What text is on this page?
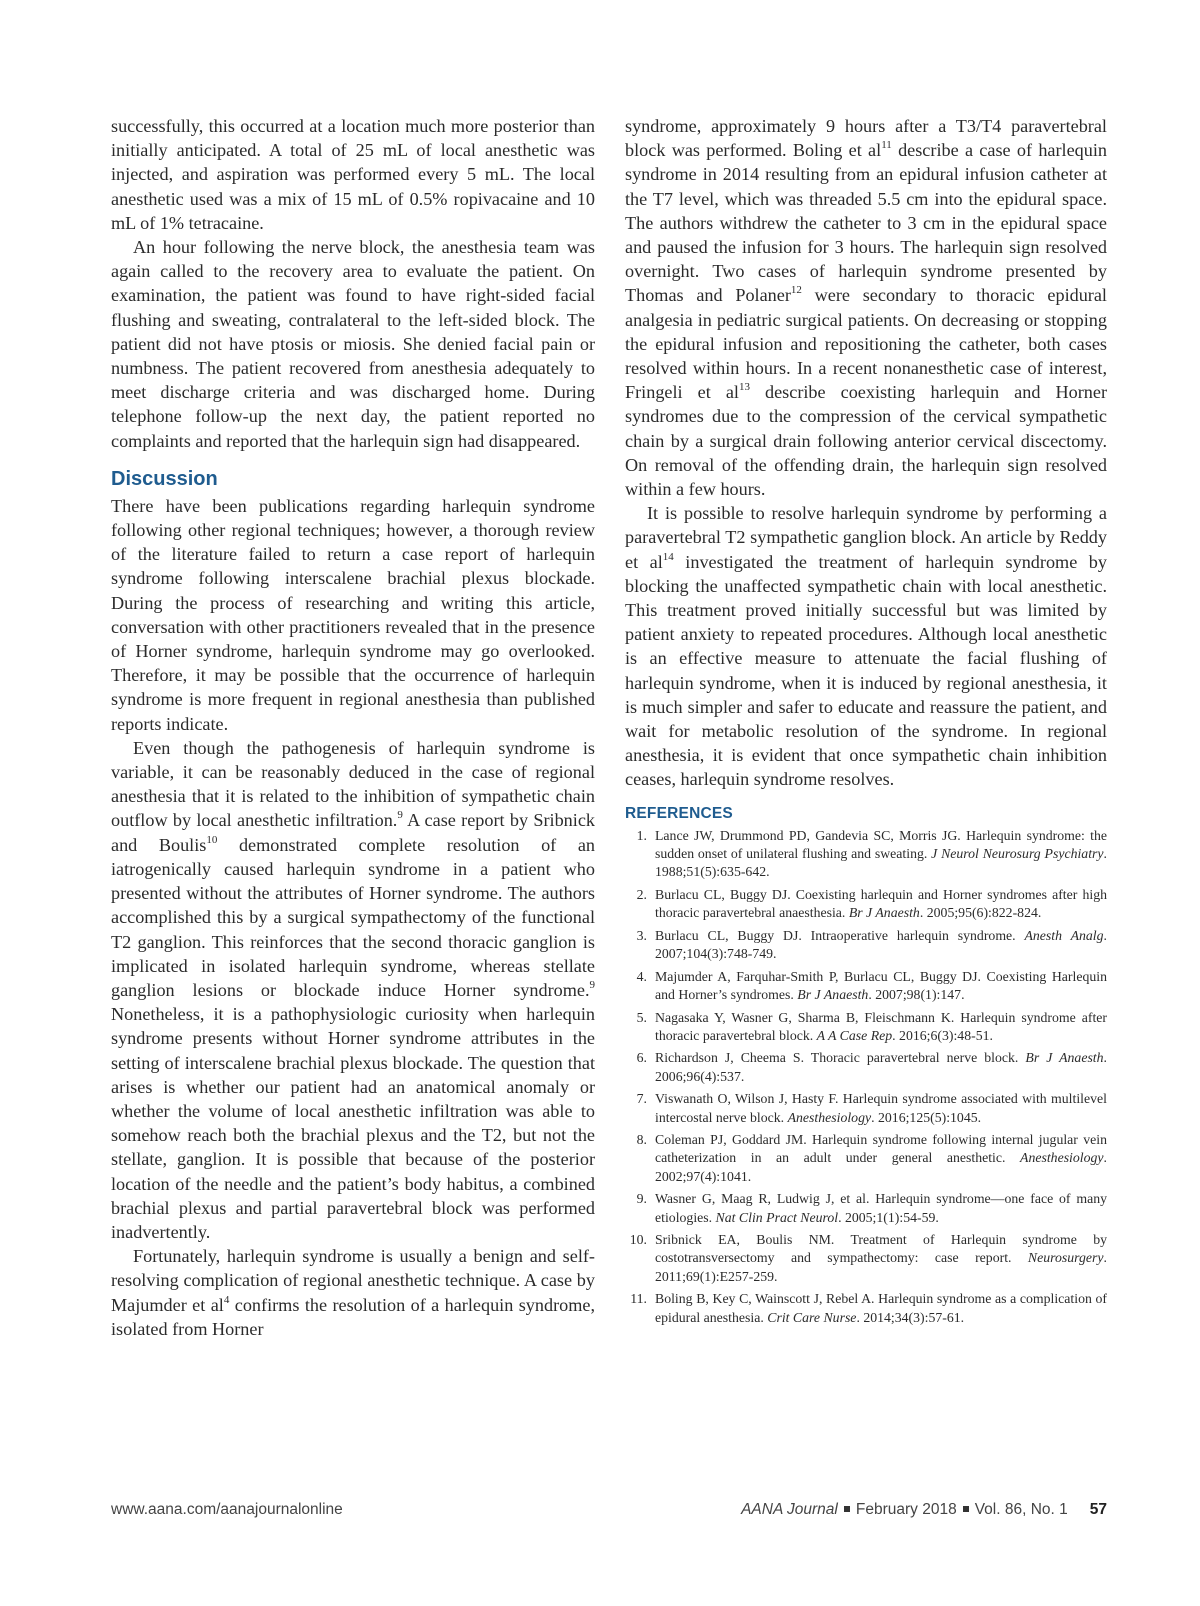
successfully, this occurred at a location much more posterior than initially anticipated. A total of 25 mL of local anesthetic was injected, and aspiration was performed every 5 mL. The local anesthetic used was a mix of 15 mL of 0.5% ropivacaine and 10 mL of 1% tetracaine.

An hour following the nerve block, the anesthesia team was again called to the recovery area to evaluate the patient. On examination, the patient was found to have right-sided facial flushing and sweating, contralateral to the left-sided block. The patient did not have ptosis or miosis. She denied facial pain or numbness. The patient recovered from anesthesia adequately to meet discharge criteria and was discharged home. During telephone follow-up the next day, the patient reported no complaints and reported that the harlequin sign had disappeared.

Discussion

There have been publications regarding harlequin syndrome following other regional techniques; however, a thorough review of the literature failed to return a case report of harlequin syndrome following interscalene brachial plexus blockade. During the process of researching and writing this article, conversation with other practitioners revealed that in the presence of Horner syndrome, harlequin syndrome may go overlooked. Therefore, it may be possible that the occurrence of harlequin syndrome is more frequent in regional anesthesia than published reports indicate.

Even though the pathogenesis of harlequin syndrome is variable, it can be reasonably deduced in the case of regional anesthesia that it is related to the inhibition of sympathetic chain outflow by local anesthetic infiltration.$^9$ A case report by Sribnick and Boulis$^{10}$ demonstrated complete resolution of an iatrogenically caused harlequin syndrome in a patient who presented without the attributes of Horner syndrome. The authors accomplished this by a surgical sympathectomy of the functional T2 ganglion. This reinforces that the second thoracic ganglion is implicated in isolated harlequin syndrome, whereas stellate ganglion lesions or blockade induce Horner syndrome.$^9$ Nonetheless, it is a pathophysiologic curiosity when harlequin syndrome presents without Horner syndrome attributes in the setting of interscalene brachial plexus blockade. The question that arises is whether our patient had an anatomical anomaly or whether the volume of local anesthetic infiltration was able to somehow reach both the brachial plexus and the T2, but not the stellate, ganglion. It is possible that because of the posterior location of the needle and the patient’s body habitus, a combined brachial plexus and partial paravertebral block was performed inadvertently.

Fortunately, harlequin syndrome is usually a benign and self-resolving complication of regional anesthetic technique. A case by Majumder et $al^4$ confirms the resolution of a harlequin syndrome, isolated from Horner

syndrome, approximately 9 hours after a T3/T4 paravertebral block was performed. Boling et $al^{11}$ describe a case of harlequin syndrome in 2014 resulting from an epidural infusion catheter at the T7 level, which was threaded 5.5 cm into the epidural space. The authors withdrew the catheter to 3 cm in the epidural space and paused the infusion for 3 hours. The harlequin sign resolved overnight. Two cases of harlequin syndrome presented by Thomas and Polaner$^{12}$ were secondary to thoracic epidural analgesia in pediatric surgical patients. On decreasing or stopping the epidural infusion and repositioning the catheter, both cases resolved within hours. In a recent nonanesthetic case of interest, Fringeli et $al^{13}$ describe coexisting harlequin and Horner syndromes due to the compression of the cervical sympathetic chain by a surgical drain following anterior cervical discectomy. On removal of the offending drain, the harlequin sign resolved within a few hours.

It is possible to resolve harlequin syndrome by performing a paravertebral T2 sympathetic ganglion block. An article by Reddy et $al^{14}$ investigated the treatment of harlequin syndrome by blocking the unaffected sympathetic chain with local anesthetic. This treatment proved initially successful but was limited by patient anxiety to repeated procedures. Although local anesthetic is an effective measure to attenuate the facial flushing of harlequin syndrome, when it is induced by regional anesthesia, it is much simpler and safer to educate and reassure the patient, and wait for metabolic resolution of the syndrome. In regional anesthesia, it is evident that once sympathetic chain inhibition ceases, harlequin syndrome resolves.

REFERENCES
1. Lance JW, Drummond PD, Gandevia SC, Morris JG. Harlequin syndrome: the sudden onset of unilateral flushing and sweating. J Neurol Neurosurg Psychiatry. 1988;51(5):635-642.
2. Burlacu CL, Buggy DJ. Coexisting harlequin and Horner syndromes after high thoracic paravertebral anaesthesia. Br J Anaesth. 2005;95(6):822-824.
3. Burlacu CL, Buggy DJ. Intraoperative harlequin syndrome. Anesth Analg. 2007;104(3):748-749.
4. Majumder A, Farquhar-Smith P, Burlacu CL, Buggy DJ. Coexisting Harlequin and Horner’s syndromes. Br J Anaesth. 2007;98(1):147.
5. Nagasaka Y, Wasner G, Sharma B, Fleischmann K. Harlequin syndrome after thoracic paravertebral block. A A Case Rep. 2016;6(3):48-51.
6. Richardson J, Cheema S. Thoracic paravertebral nerve block. Br J Anaesth. 2006;96(4):537.
7. Viswanath O, Wilson J, Hasty F. Harlequin syndrome associated with multilevel intercostal nerve block. Anesthesiology. 2016;125(5):1045.
8. Coleman PJ, Goddard JM. Harlequin syndrome following internal jugular vein catheterization in an adult under general anesthetic. Anesthesiology. 2002;97(4):1041.
9. Wasner G, Maag R, Ludwig J, et al. Harlequin syndrome—one face of many etiologies. Nat Clin Pract Neurol. 2005;1(1):54-59.
10. Sribnick EA, Boulis NM. Treatment of Harlequin syndrome by costotransversectomy and sympathectomy: case report. Neurosurgery. 2011;69(1):E257-259.
11. Boling B, Key C, Wainscott J, Rebel A. Harlequin syndrome as a complication of epidural anesthesia. Crit Care Nurse. 2014;34(3):57-61.
www.aana.com/aanajournalonline	AANA Journal February 2018 Vol. 86, No. 1 57
